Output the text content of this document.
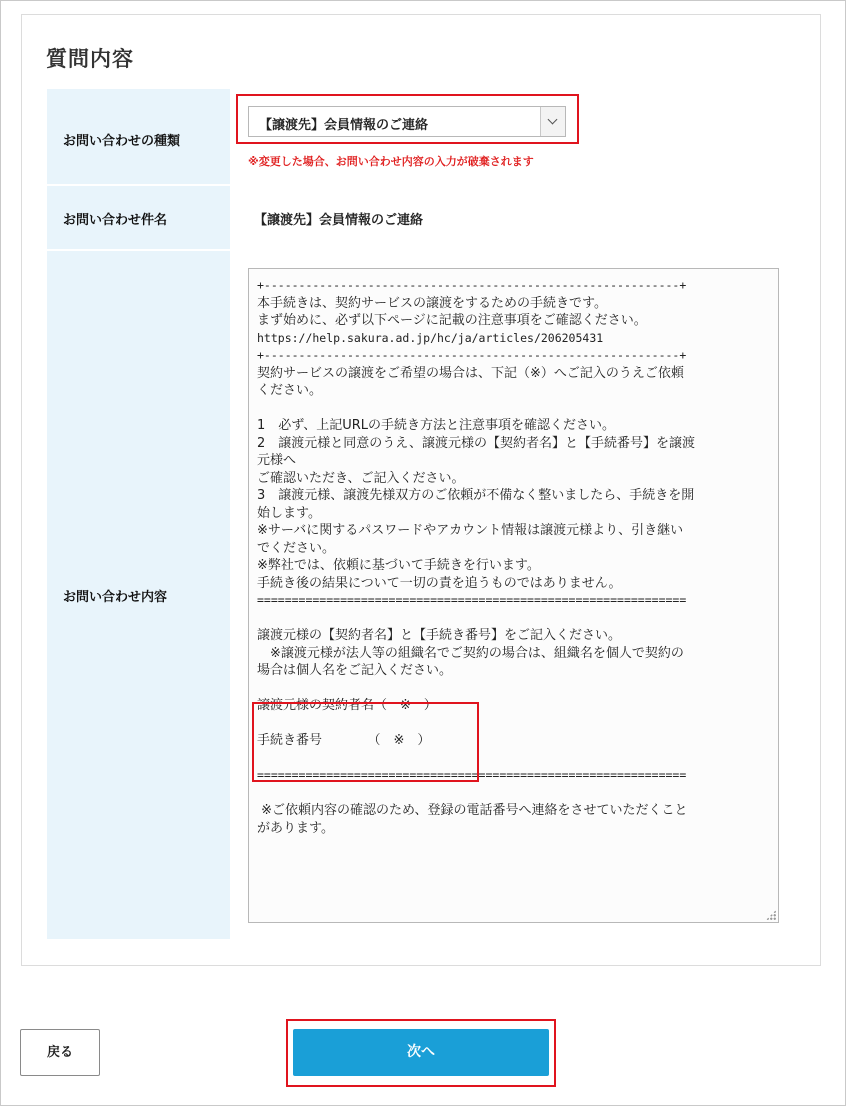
質問内容
お問い合わせの種類
お問い合わせ件名
お問い合わせ内容
【譲渡先】会員情報のご連絡
※変更した場合、お問い合わせ内容の入力が破棄されます
【譲渡先】会員情報のご連絡
+------------------------------------------------------------+
本手続きは、契約サービスの譲渡をするための手続きです。
まず始めに、必ず以下ページに記載の注意事項をご確認ください。
https://help.sakura.ad.jp/hc/ja/articles/206205431
+------------------------------------------------------------+
契約サービスの譲渡をご希望の場合は、下記（※）へご記入のうえご依頼
ください。
1　必ず、上記URLの手続き方法と注意事項を確認ください。
2　譲渡元様と同意のうえ、譲渡元様の【契約者名】と【手続番号】を譲渡
元様へ
ご確認いただき、ご記入ください。
3　譲渡元様、譲渡先様双方のご依頼が不備なく整いましたら、手続きを開
始します。
※サーバに関するパスワードやアカウント情報は譲渡元様より、引き継い
でください。
※弊社では、依頼に基づいて手続きを行います。
手続き後の結果について一切の責を追うものではありません。
==============================================================
譲渡元様の【契約者名】と【手続き番号】をご記入ください。
　※譲渡元様が法人等の組織名でご契約の場合は、組織名を個人で契約の
場合は個人名をご記入ください。
譲渡元様の契約者名（　※　）
手続き番号　　　　（　※　）
==============================================================
※ご依頼内容の確認のため、登録の電話番号へ連絡をさせていただくこと
があります。
戻る	次へ
